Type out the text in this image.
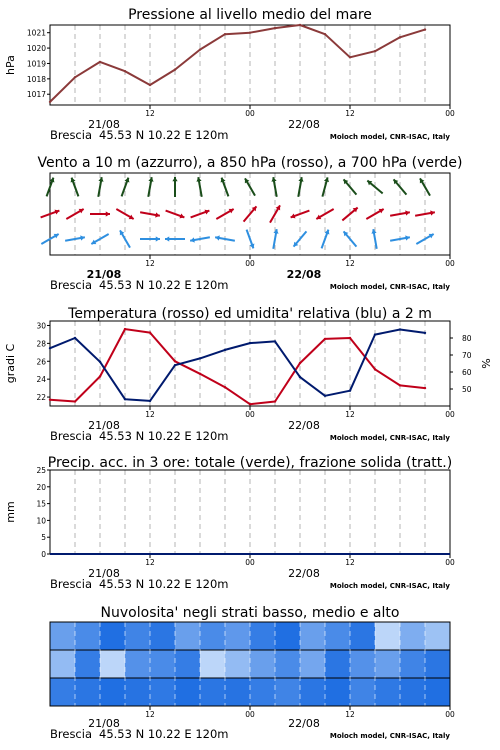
Pressione al livello medio del mare
12	00	12	00
21/08	22/08
Brescia 45.53 N 10.22 E 120m	Moloch model, CNR-ISAC, Italy
1017
1018
1019
1020
1021
hPa
Vento a 10 m (azzurro), a 850 hPa (rosso), a 700 hPa (verde)
12	00	12	00
21/08	22/08
Brescia 45.53 N 10.22 E 120m	Moloch model, CNR-ISAC, Italy
Temperatura (rosso) ed umidita' relativa (blu) a 2 m
12	00	12	00
21/08	22/08
Brescia 45.53 N 10.22 E 120m	Moloch model, CNR-ISAC, Italy
22
24
26
28
30
50
60
70
80
gradi C	%
Precip. acc. in 3 ore: totale (verde), frazione solida (tratt.)
12	00	12	00
21/08	22/08
Brescia 45.53 N 10.22 E 120m	Moloch model, CNR-ISAC, Italy
0
5
10
15
20
25
mm
Nuvolosita' negli strati basso, medio e alto
12	00	12	00
21/08	22/08
Brescia 45.53 N 10.22 E 120m	Moloch model, CNR-ISAC, Italy
